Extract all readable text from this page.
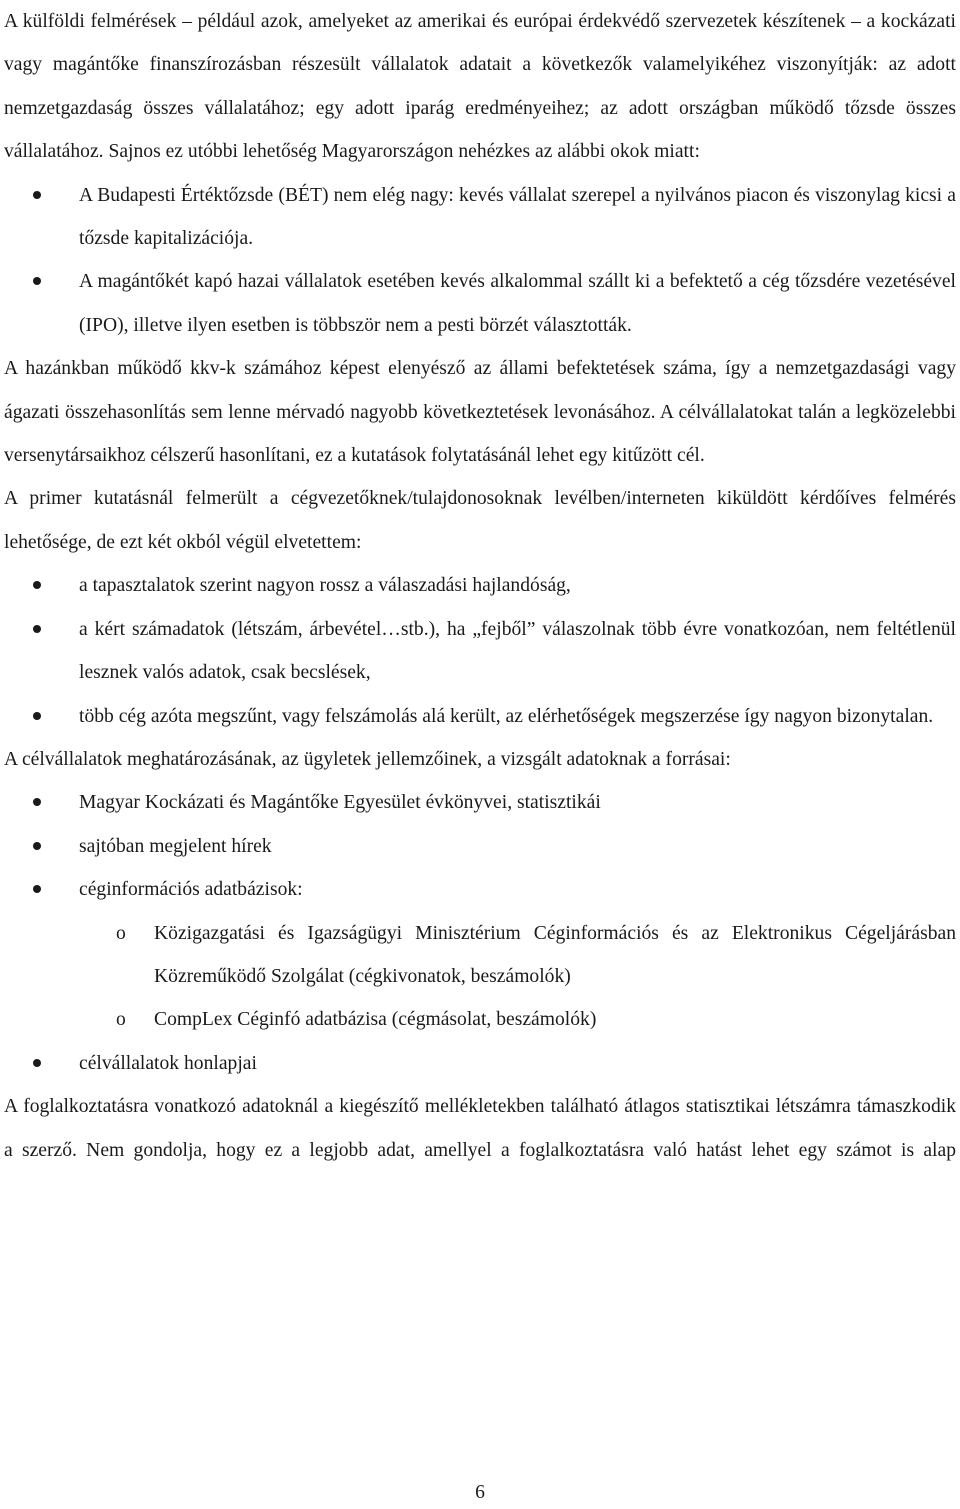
A külföldi felmérések – például azok, amelyeket az amerikai és európai érdekvédő szervezetek készítenek – a kockázati vagy magántőke finanszírozásban részesült vállalatok adatait a következők valamelyikéhez viszonyítják: az adott nemzetgazdaság összes vállalatához; egy adott iparág eredményeihez; az adott országban működő tőzsde összes vállalatához. Sajnos ez utóbbi lehetőség Magyarországon nehézkes az alábbi okok miatt:

A Budapesti Értéktőzsde (BÉT) nem elég nagy: kevés vállalat szerepel a nyilvános piacon és viszonylag kicsi a tőzsde kapitalizációja.
A magántőkét kapó hazai vállalatok esetében kevés alkalommal szállt ki a befektető a cég tőzsdére vezetésével (IPO), illetve ilyen esetben is többször nem a pesti börzét választották.

A hazánkban működő kkv-k számához képest elenyésző az állami befektetések száma, így a nemzetgazdasági vagy ágazati összehasonlítás sem lenne mérvadó nagyobb következtetések levonásához. A célvállalatokat talán a legközelebbi versenytársaikhoz célszerű hasonlítani, ez a kutatások folytatásánál lehet egy kitűzött cél.

A primer kutatásnál felmerült a cégvezetőknek/tulajdonosoknak levélben/interneten kiküldött kérdőíves felmérés lehetősége, de ezt két okból végül elvetettem:

a tapasztalatok szerint nagyon rossz a válaszadási hajlandóság,
a kért számadatok (létszám, árbevétel…stb.), ha „fejből” válaszolnak több évre vonatkozóan, nem feltétlenül lesznek valós adatok, csak becslések,
több cég azóta megszűnt, vagy felszámolás alá került, az elérhetőségek megszerzése így nagyon bizonytalan.

A célvállalatok meghatározásának, az ügyletek jellemzőinek, a vizsgált adatoknak a forrásai:

Magyar Kockázati és Magántőke Egyesület évkönyvei, statisztikái
sajtóban megjelent hírek
céginformációs adatbázisok:
o Közigazgatási és Igazságügyi Minisztérium Céginformációs és az Elektronikus Cégeljárásban Közreműködő Szolgálat (cégkivonatok, beszámolók)
o CompLex Céginfó adatbázisa (cégmásolat, beszámolók)
célvállalatok honlapjai

A foglalkoztatásra vonatkozó adatoknál a kiegészítő mellékletekben található átlagos statisztikai létszámra támaszkodik a szerző. Nem gondolja, hogy ez a legjobb adat, amellyel a foglalkoztatásra való hatást lehet egy számot is alap

6
